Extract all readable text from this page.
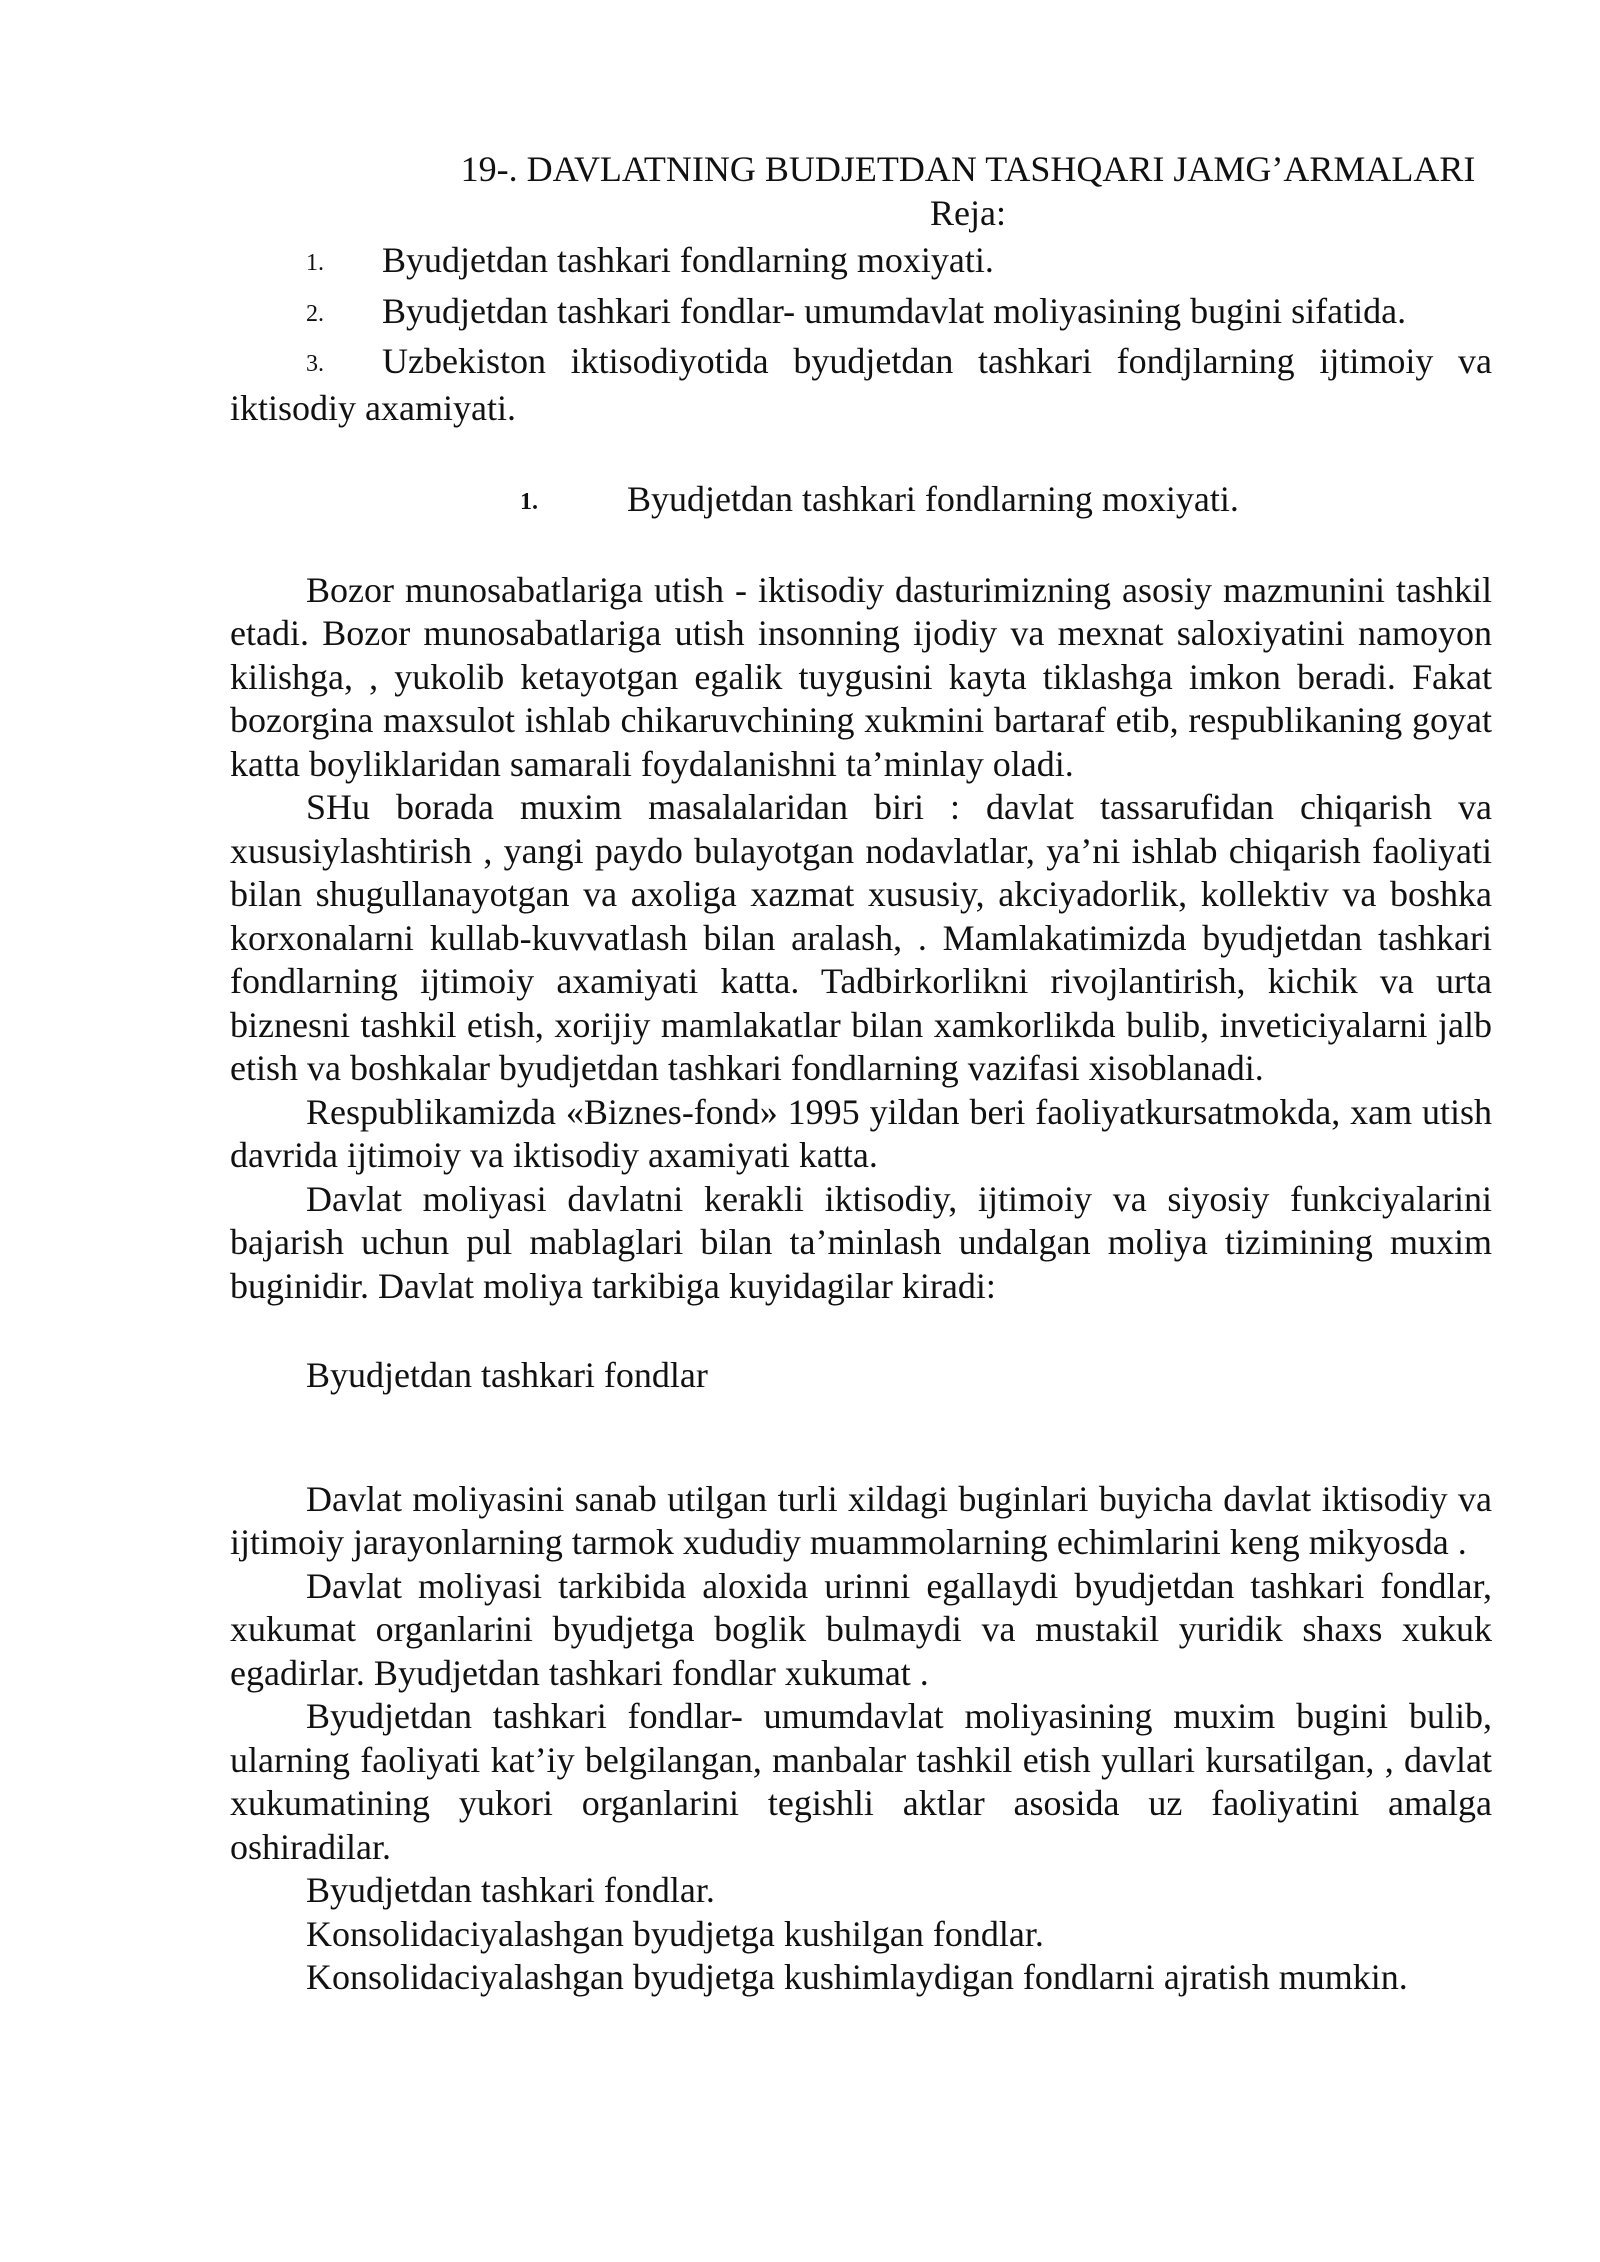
19-. DAVLATNING BUDJETDAN TASHQARI JAMG’ARMALARI
Reja:
1. Byudjetdan tashkari fondlarning moxiyati.
2. Byudjetdan tashkari fondlar- umumdavlat moliyasining bugini sifatida.
3. Uzbekiston iktisodiyotida byudjetdan tashkari fondjlarning ijtimoiy va iktisodiy axamiyati.
1. Byudjetdan tashkari fondlarning moxiyati.

Bozor munosabatlariga utish - iktisodiy dasturimizning asosiy mazmunini tashkil etadi. Bozor munosabatlariga utish insonning ijodiy va mexnat saloxiyatini namoyon kilishga, , yukolib ketayotgan egalik tuygusini kayta tiklashga imkon beradi. Fakat bozorgina maxsulot ishlab chikaruvchining xukmini bartaraf etib, respublikaning goyat katta boyliklaridan samarali foydalanishni ta’minlay oladi.

SHu borada muxim masalalaridan biri : davlat tassarufidan chiqarish va xususiylashtirish , yangi paydo bulayotgan nodavlatlar, ya’ni ishlab chiqarish faoliyati bilan shugullanayotgan va axoliga xazmat xususiy, akciyadorlik, kollektiv va boshka korxonalarni kullab-kuvvatlash bilan aralash, . Mamlakatimizda byudjetdan tashkari fondlarning ijtimoiy axamiyati katta. Tadbirkorlikni rivojlantirish, kichik va urta biznesni tashkil etish, xorijiy mamlakatlar bilan xamkorlikda bulib, inveticiyalarni jalb etish va boshkalar byudjetdan tashkari fondlarning vazifasi xisoblanadi.

Respublikamizda «Biznes-fond» 1995 yildan beri faoliyatkursatmokda, xam utish davrida ijtimoiy va iktisodiy axamiyati katta.

Davlat moliyasi davlatni kerakli iktisodiy, ijtimoiy va siyosiy funkciyalarini bajarish uchun pul mablaglari bilan ta’minlash undalgan moliya tizimining muxim buginidir. Davlat moliya tarkibiga kuyidagilar kiradi:

Byudjetdan tashkari fondlar

Davlat moliyasini sanab utilgan turli xildagi buginlari buyicha davlat iktisodiy va ijtimoiy jarayonlarning tarmok xududiy muammolarning echimlarini keng mikyosda .

Davlat moliyasi tarkibida aloxida urinni egallaydi byudjetdan tashkari fondlar, xukumat organlarini byudjetga boglik bulmaydi va mustakil yuridik shaxs xukuk egadirlar. Byudjetdan tashkari fondlar xukumat .

Byudjetdan tashkari fondlar- umumdavlat moliyasining muxim bugini bulib, ularning faoliyati kat’iy belgilangan, manbalar tashkil etish yullari kursatilgan, , davlat xukumatining yukori organlarini tegishli aktlar asosida uz faoliyatini amalga oshiradilar.

Byudjetdan tashkari fondlar.

Konsolidaciyalashgan byudjetga kushilgan fondlar.

Konsolidaciyalashgan byudjetga kushimlaydigan fondlarni ajratish mumkin.
